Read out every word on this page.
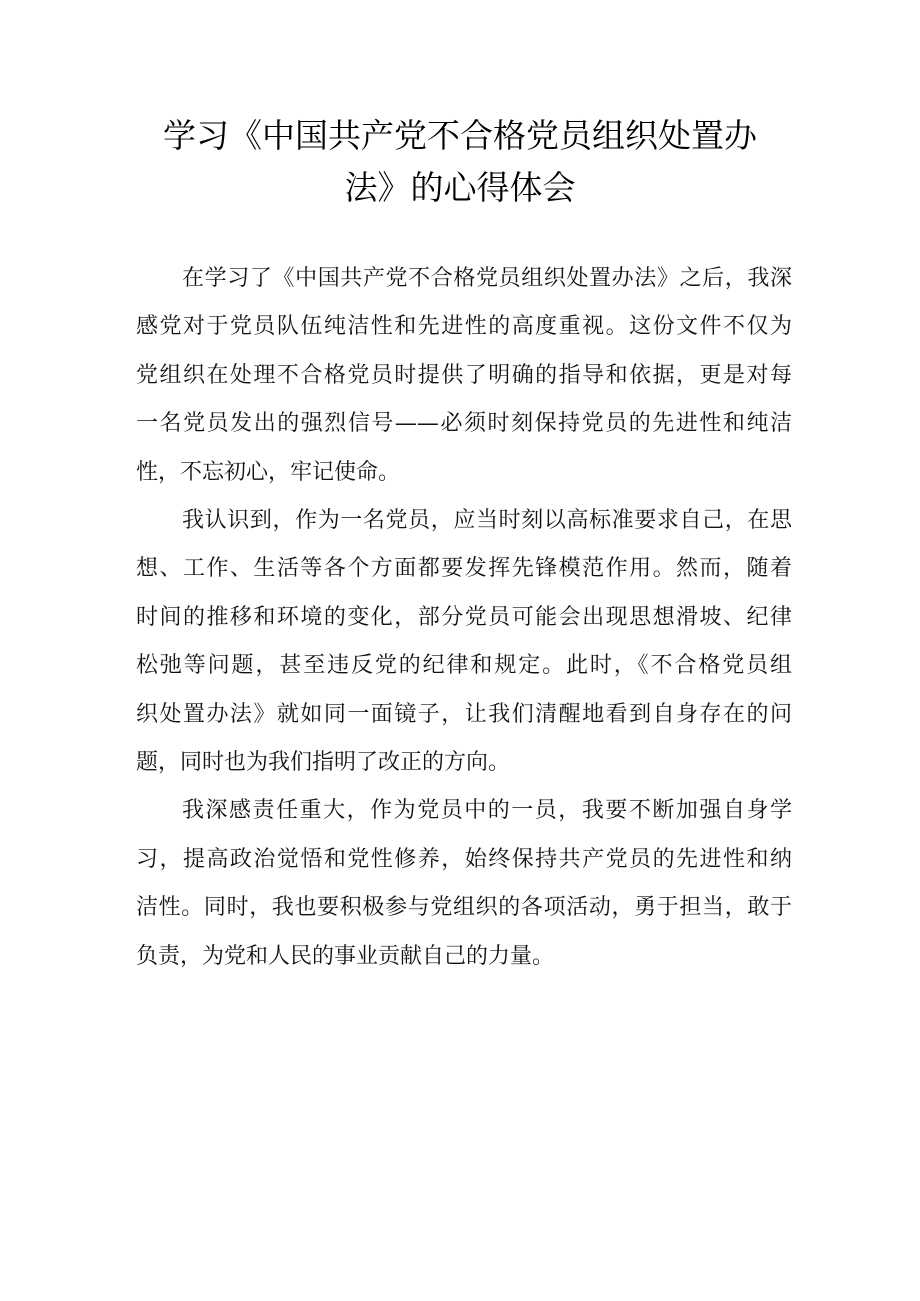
学习《中国共产党不合格党员组织处置办
法》的心得体会

在学习了《中国共产党不合格党员组织处置办法》之后，我深
感党对于党员队伍纯洁性和先进性的高度重视。这份文件不仅为
党组织在处理不合格党员时提供了明确的指导和依据，更是对每
一名党员发出的强烈信号——必须时刻保持党员的先进性和纯洁
性，不忘初心，牢记使命。

我认识到，作为一名党员，应当时刻以高标准要求自己，在思
想、工作、生活等各个方面都要发挥先锋模范作用。然而，随着
时间的推移和环境的变化，部分党员可能会出现思想滑坡、纪律
松弛等问题，甚至违反党的纪律和规定。此时，《不合格党员组
织处置办法》就如同一面镜子，让我们清醒地看到自身存在的问
题，同时也为我们指明了改正的方向。

我深感责任重大，作为党员中的一员，我要不断加强自身学
习，提高政治觉悟和党性修养，始终保持共产党员的先进性和纳
洁性。同时，我也要积极参与党组织的各项活动，勇于担当，敢于
负责，为党和人民的事业贡献自己的力量。
